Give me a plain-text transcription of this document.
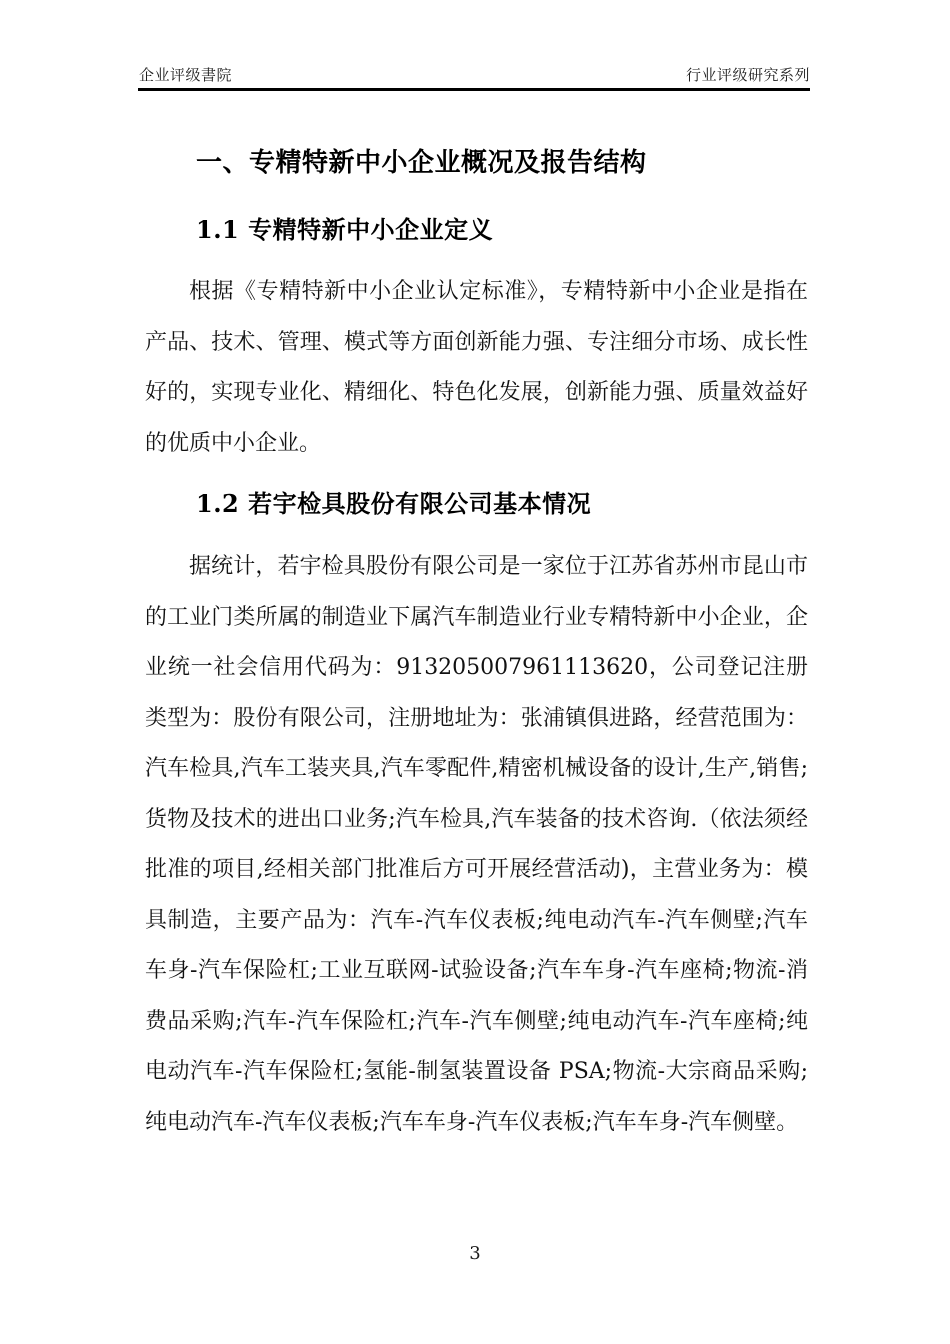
企业评级書院	行业评级研究系列
一、专精特新中小企业概况及报告结构
1.1 专精特新中小企业定义

根据《专精特新中小企业认定标准》，专精特新中小企业是指在产品、技术、管理、模式等方面创新能力强、专注细分市场、成长性好的，实现专业化、精细化、特色化发展，创新能力强、质量效益好的优质中小企业。

1.2 若宇检具股份有限公司基本情况

据统计，若宇检具股份有限公司是一家位于江苏省苏州市昆山市的工业门类所属的制造业下属汽车制造业行业专精特新中小企业，企业统一社会信用代码为：913205007961113620，公司登记注册类型为：股份有限公司，注册地址为：张浦镇俱进路，经营范围为：汽车检具,汽车工装夹具,汽车零配件,精密机械设备的设计,生产,销售;货物及技术的进出口业务;汽车检具,汽车装备的技术咨询.（依法须经批准的项目,经相关部门批准后方可开展经营活动)，主营业务为：模具制造，主要产品为：汽车-汽车仪表板;纯电动汽车-汽车侧壁;汽车车身-汽车保险杠;工业互联网-试验设备;汽车车身-汽车座椅;物流-消费品采购;汽车-汽车保险杠;汽车-汽车侧壁;纯电动汽车-汽车座椅;纯电动汽车-汽车保险杠;氢能-制氢装置设备 PSA;物流-大宗商品采购;纯电动汽车-汽车仪表板;汽车车身-汽车仪表板;汽车车身-汽车侧壁。

3
